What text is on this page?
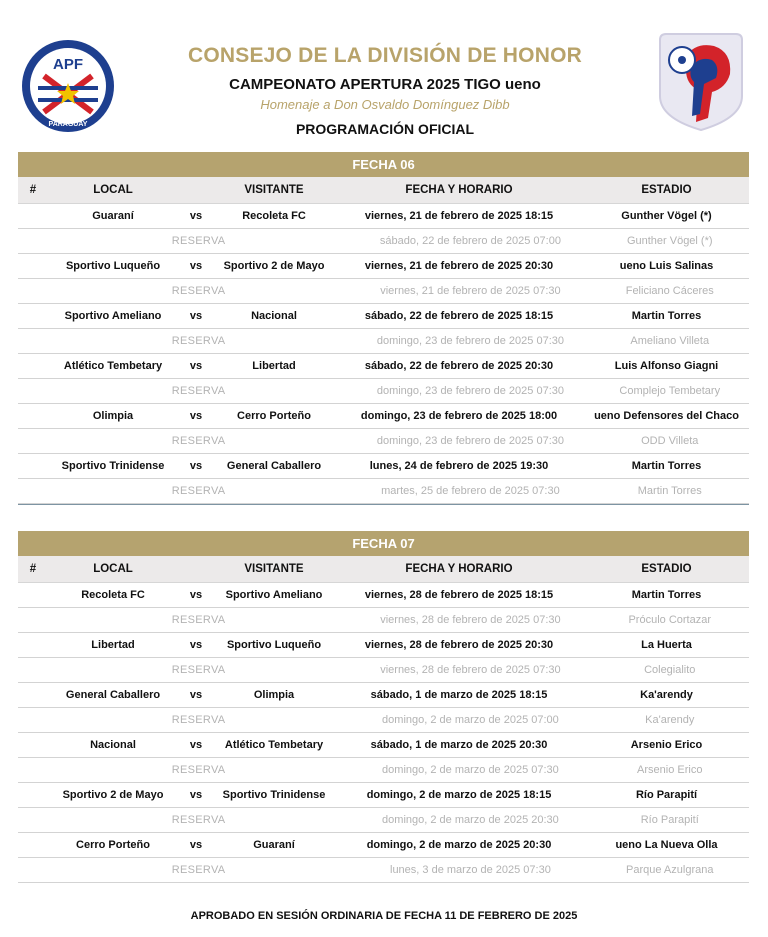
APF
PARAGUAY
CONSEJO DE LA DIVISIÓN DE HONOR
CAMPEONATO APERTURA 2025 TIGO ueno
Homenaje a Don Osvaldo Domínguez Dibb
PROGRAMACIÓN OFICIAL
FECHA 06
#	LOCAL	VISITANTE	FECHA Y HORARIO	ESTADIO
Guaraní	vs	Recoleta FC	viernes, 21 de febrero de 2025 18:15	Gunther Vögel (*)
RESERVA	sábado, 22 de febrero de 2025 07:00	Gunther Vögel (*)
Sportivo Luqueño	vs	Sportivo 2 de Mayo	viernes, 21 de febrero de 2025 20:30	ueno Luis Salinas
RESERVA	viernes, 21 de febrero de 2025 07:30	Feliciano Cáceres
Sportivo Ameliano	vs	Nacional	sábado, 22 de febrero de 2025 18:15	Martin Torres
RESERVA	domingo, 23 de febrero de 2025 07:30	Ameliano Villeta
Atlético Tembetary	vs	Libertad	sábado, 22 de febrero de 2025 20:30	Luis Alfonso Giagni
RESERVA	domingo, 23 de febrero de 2025 07:30	Complejo Tembetary
Olimpia	vs	Cerro Porteño	domingo, 23 de febrero de 2025 18:00	ueno Defensores del Chaco
RESERVA	domingo, 23 de febrero de 2025 07:30	ODD Villeta
Sportivo Trinidense	vs	General Caballero	lunes, 24 de febrero de 2025 19:30	Martin Torres
RESERVA	martes, 25 de febrero de 2025 07:30	Martin Torres
FECHA 07
#	LOCAL	VISITANTE	FECHA Y HORARIO	ESTADIO
Recoleta FC	vs	Sportivo Ameliano	viernes, 28 de febrero de 2025 18:15	Martin Torres
RESERVA	viernes, 28 de febrero de 2025 07:30	Próculo Cortazar
Libertad	vs	Sportivo Luqueño	viernes, 28 de febrero de 2025 20:30	La Huerta
RESERVA	viernes, 28 de febrero de 2025 07:30	Colegialito
General Caballero	vs	Olimpia	sábado, 1 de marzo de 2025 18:15	Ka'arendy
RESERVA	domingo, 2 de marzo de 2025 07:00	Ka'arendy
Nacional	vs	Atlético Tembetary	sábado, 1 de marzo de 2025 20:30	Arsenio Erico
RESERVA	domingo, 2 de marzo de 2025 07:30	Arsenio Erico
Sportivo 2 de Mayo	vs	Sportivo Trinidense	domingo, 2 de marzo de 2025 18:15	Río Parapití
RESERVA	domingo, 2 de marzo de 2025 20:30	Río Parapití
Cerro Porteño	vs	Guaraní	domingo, 2 de marzo de 2025 20:30	ueno La Nueva Olla
RESERVA	lunes, 3 de marzo de 2025 07:30	Parque Azulgrana
APROBADO EN SESIÓN ORDINARIA DE FECHA 11 DE FEBRERO DE 2025
